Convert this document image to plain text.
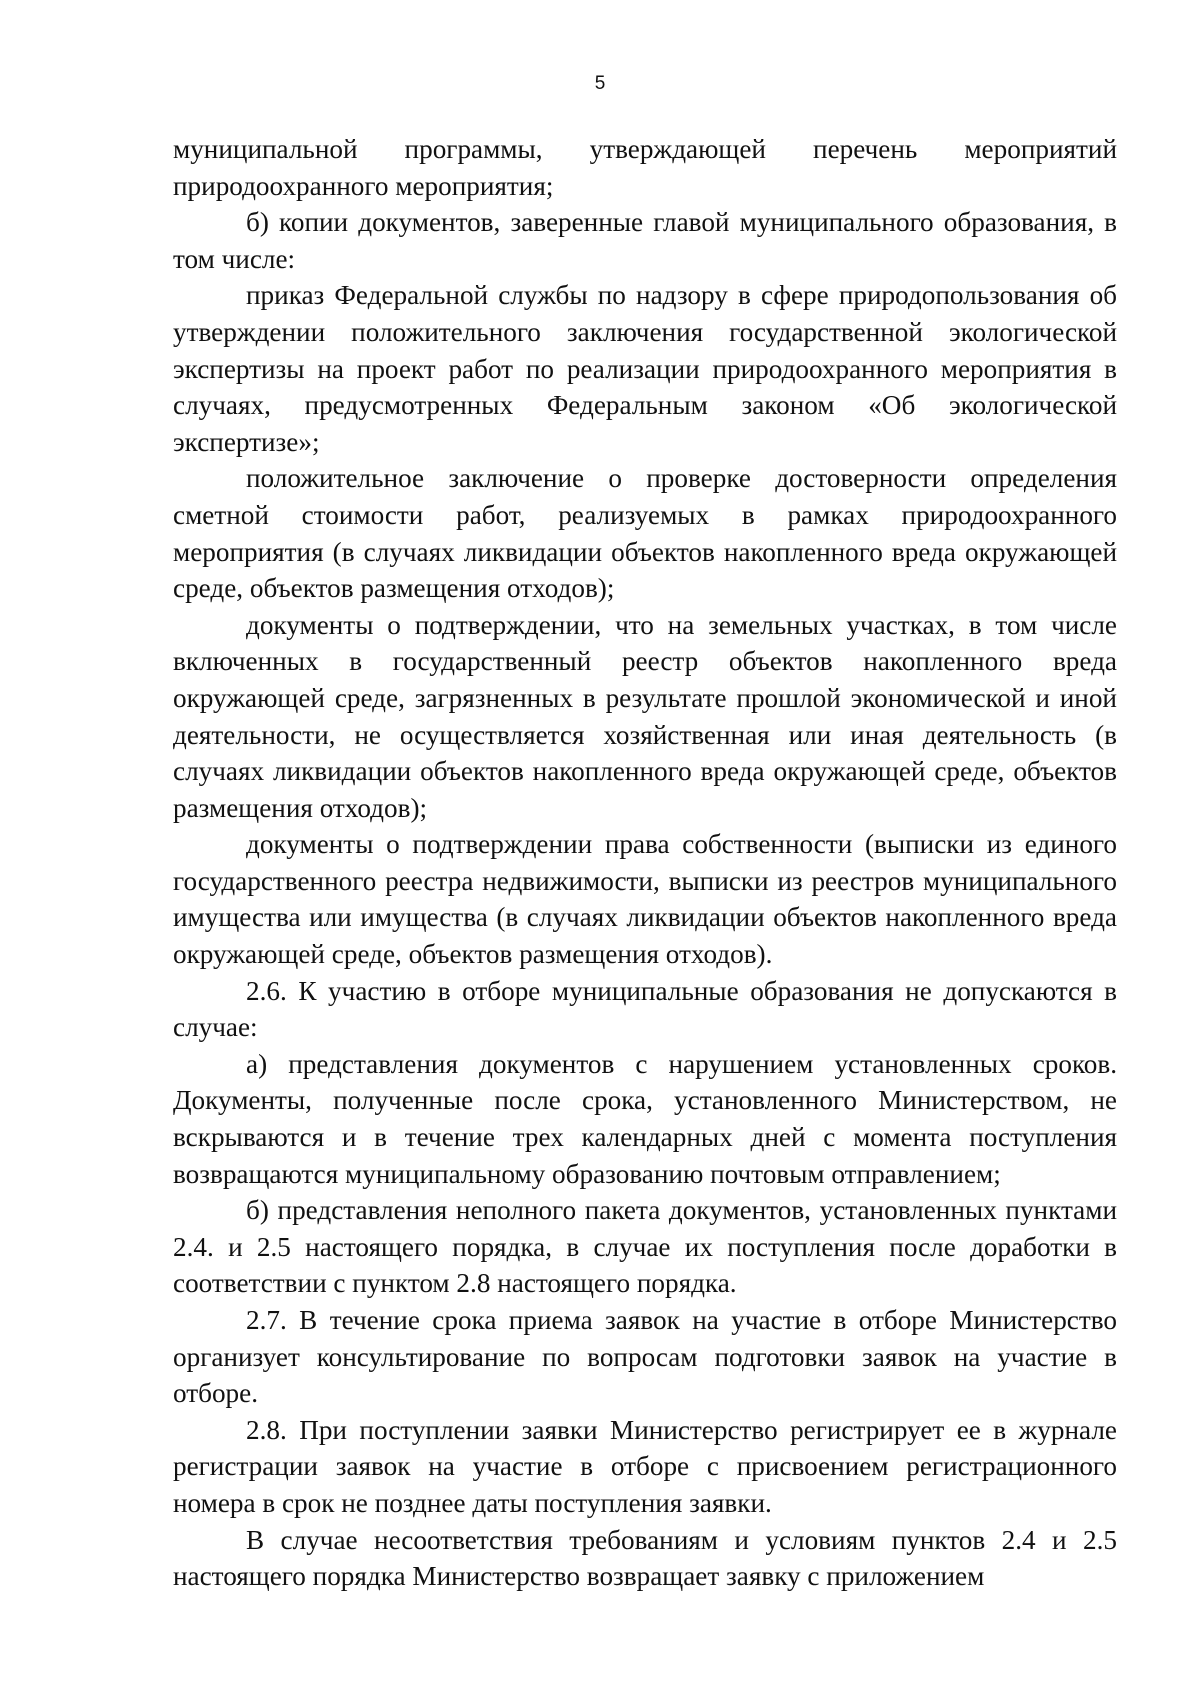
5

муниципальной программы, утверждающей перечень мероприятий природоохранного мероприятия;

б) копии документов, заверенные главой муниципального образования, в том числе:

приказ Федеральной службы по надзору в сфере природопользования об утверждении положительного заключения государственной экологической экспертизы на проект работ по реализации природоохранного мероприятия в случаях, предусмотренных Федеральным законом «Об экологической экспертизе»;

положительное заключение о проверке достоверности определения сметной стоимости работ, реализуемых в рамках природоохранного мероприятия (в случаях ликвидации объектов накопленного вреда окружающей среде, объектов размещения отходов);

документы о подтверждении, что на земельных участках, в том числе включенных в государственный реестр объектов накопленного вреда окружающей среде, загрязненных в результате прошлой экономической и иной деятельности, не осуществляется хозяйственная или иная деятельность (в случаях ликвидации объектов накопленного вреда окружающей среде, объектов размещения отходов);

документы о подтверждении права собственности (выписки из единого государственного реестра недвижимости, выписки из реестров муниципального имущества или имущества (в случаях ликвидации объектов накопленного вреда окружающей среде, объектов размещения отходов).

2.6. К участию в отборе муниципальные образования не допускаются в случае:

а) представления документов с нарушением установленных сроков. Документы, полученные после срока, установленного Министерством, не вскрываются и в течение трех календарных дней с момента поступления возвращаются муниципальному образованию почтовым отправлением;

б) представления неполного пакета документов, установленных пунктами 2.4. и 2.5 настоящего порядка, в случае их поступления после доработки в соответствии с пунктом 2.8 настоящего порядка.

2.7. В течение срока приема заявок на участие в отборе Министерство организует консультирование по вопросам подготовки заявок на участие в отборе.

2.8. При поступлении заявки Министерство регистрирует ее в журнале регистрации заявок на участие в отборе с присвоением регистрационного номера в срок не позднее даты поступления заявки.

В случае несоответствия требованиям и условиям пунктов 2.4 и 2.5 настоящего порядка Министерство возвращает заявку с приложением
